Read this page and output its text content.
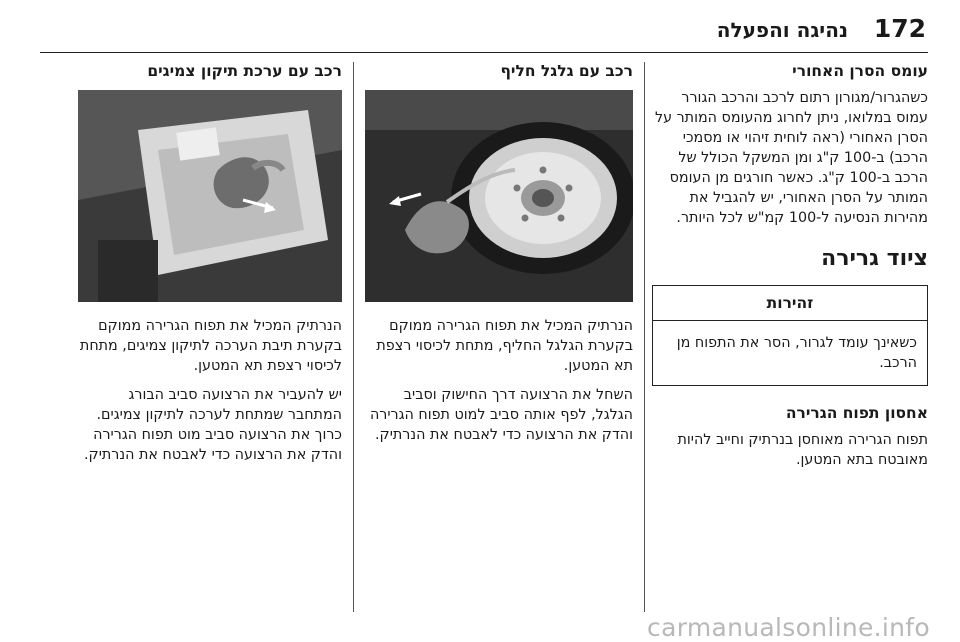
172
נהיגה והפעלה
עומס הסרן האחורי

כשהגרור/מגורון רתום לרכב והרכב הגורר עמוס במלואו, ניתן לחרוג מהעומס המותר על הסרן האחורי (ראה לוחית זיהוי או מסמכי הרכב) ב-100 ק"ג ומן המשקל הכולל של הרכב ב-100 ק"ג. כאשר חורגים מן העומס המותר על הסרן האחורי, יש להגביל את מהירות הנסיעה ל-100 קמ"ש לכל היותר.

ציוד גרירה
זהירות
כשאינך עומד לגרור, הסר את התפוח מן הרכב.
אחסון תפוח הגרירה

תפוח הגרירה מאוחסן בנרתיק וחייב להיות מאובטח בתא המטען.

רכב עם גלגל חליף

הנרתיק המכיל את תפוח הגרירה ממוקם בקערת הגלגל החליף, מתחת לכיסוי רצפת תא המטען.

השחל את הרצועה דרך החישוק וסביב הגלגל, לפף אותה סביב למוט תפוח הגרירה והדק את הרצועה כדי לאבטח את הנרתיק.

רכב עם ערכת תיקון צמיגים

הנרתיק המכיל את תפוח הגרירה ממוקם בקערת תיבת הערכה לתיקון צמיגים, מתחת לכיסוי רצפת תא המטען.

יש להעביר את הרצועה סביב הבורג המתחבר שמתחת לערכה לתיקון צמיגים. כרוך את הרצועה סביב מוט תפוח הגרירה והדק את הרצועה כדי לאבטח את הנרתיק.

carmanualsonline.info
